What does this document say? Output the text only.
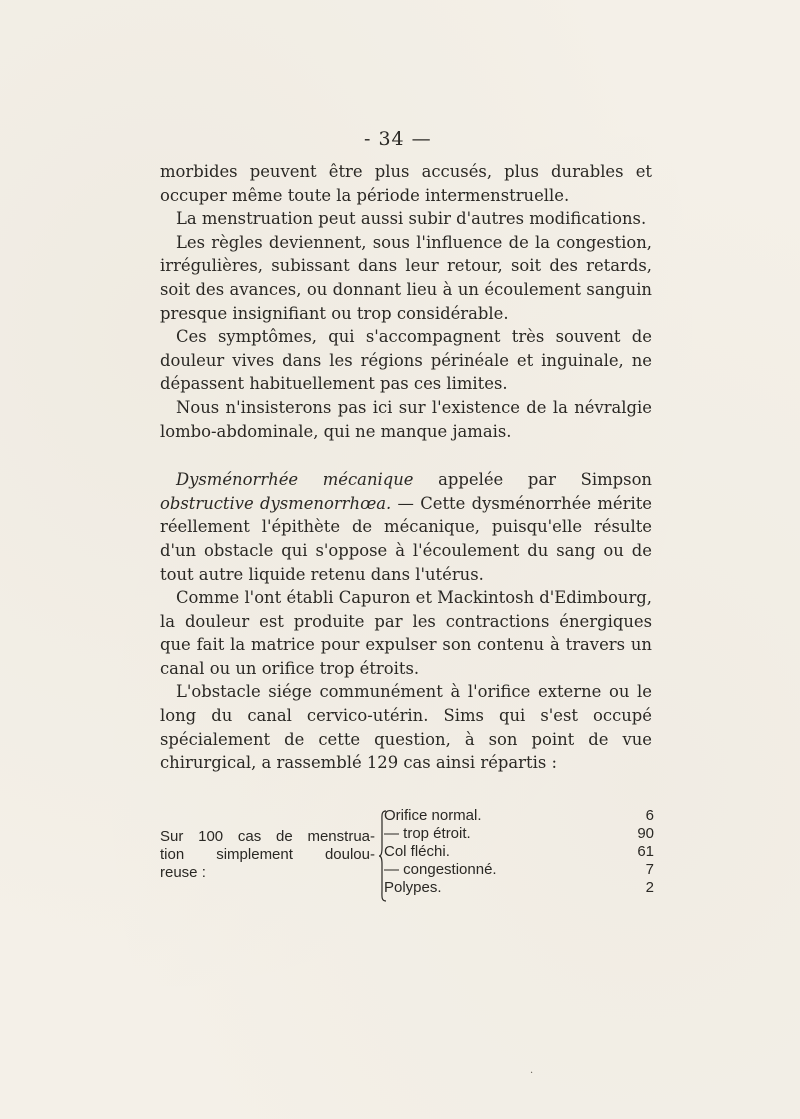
- 34 —

morbides peuvent être plus accusés, plus durables et occuper même toute la période intermenstruelle.

La menstruation peut aussi subir d'autres modifications.

Les règles deviennent, sous l'influence de la congestion, irrégulières, subissant dans leur retour, soit des retards, soit des avances, ou donnant lieu à un écoulement sanguin presque insignifiant ou trop considérable.

Ces symptômes, qui s'accompagnent très souvent de douleur vives dans les régions périnéale et inguinale, ne dépassent habituellement pas ces limites.

Nous n'insisterons pas ici sur l'existence de la névralgie lombo-abdominale, qui ne manque jamais.

Dysménorrhée mécanique appelée par Simpson obstructive dysmenorrhœa. — Cette dysménorrhée mérite réellement l'épithète de mécanique, puisqu'elle résulte d'un obstacle qui s'oppose à l'écoulement du sang ou de tout autre liquide retenu dans l'utérus.

Comme l'ont établi Capuron et Mackintosh d'Edimbourg, la douleur est produite par les contractions énergiques que fait la matrice pour expulser son contenu à travers un canal ou un orifice trop étroits.

L'obstacle siége communément à l'orifice externe ou le long du canal cervico-utérin. Sims qui s'est occupé spécialement de cette question, à son point de vue chirurgical, a rassemblé 129 cas ainsi répartis :

Sur 100 cas de menstrua-
tion simplement doulou-
reuse :
Orifice normal.	6
— trop étroit.	90
Col fléchi.	61
— congestionné.	7
Polypes.	2
·
